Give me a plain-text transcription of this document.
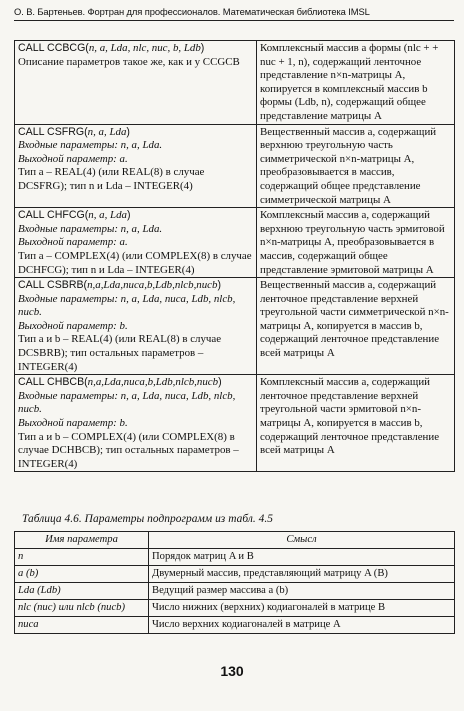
О. В. Бартеньев. Фортран для профессионалов. Математическая библиотека IMSL
CALL CCBCG(n, a, Lda, nlc, nuc, b, Ldb)
Описание параметров такое же, как и у CCGCB	Комплексный массив a формы (nlc + + nuc + 1, n), содержащий ленточное представление n×n-матрицы A, копируется в комплексный массив b формы (Ldb, n), содержащий общее представление матрицы A

CALL CSFRG(n, a, Lda)
Входные параметры: n, a, Lda.
Выходной параметр: a.
Тип a – REAL(4) (или REAL(8) в случае DCSFRG); тип n и Lda – INTEGER(4)	Вещественный массив a, содержащий верхнюю треугольную часть симметрической n×n-матрицы A, преобразовывается в массив, содержащий общее представление симметрической матрицы A

CALL CHFCG(n, a, Lda)
Входные параметры: n, a, Lda.
Выходной параметр: a.
Тип a – COMPLEX(4) (или COMPLEX(8) в случае DCHFCG); тип n и Lda – INTEGER(4)	Комплексный массив a, содержащий верхнюю треугольную часть эрмитовой n×n-матрицы A, преобразовывается в массив, содержащий общее представление эрмитовой матрицы A

CALL CSBRB(n,a,Lda,nuca,b,Ldb,nlcb,nucb)
Входные параметры: n, a, Lda, nuca, Ldb, nlcb, nucb.
Выходной параметр: b.
Тип a и b – REAL(4) (или REAL(8) в случае DCSBRB); тип остальных параметров – INTEGER(4)	Вещественный массив a, содержащий ленточное представление верхней треугольной части симметрической n×n-матрицы A, копируется в массив b, содержащий ленточное представление всей матрицы A

CALL CHBCB(n,a,Lda,nuca,b,Ldb,nlcb,nucb)
Входные параметры: n, a, Lda, nuca, Ldb, nlcb, nucb.
Выходной параметр: b.
Тип a и b – COMPLEX(4) (или COMPLEX(8) в случае DCHBCB); тип остальных параметров – INTEGER(4)	Комплексный массив a, содержащий ленточное представление верхней треугольной части эрмитовой n×n-матрицы A, копируется в массив b, содержащий ленточное представление всей матрицы A
Таблица 4.6. Параметры подпрограмм из табл. 4.5
Имя параметра	Смысл
n	Порядок матриц A и B
a (b)	Двумерный массив, представляющий матрицу A (B)
Lda (Ldb)	Ведущий размер массива a (b)
nlc (nuc) или nlcb (nucb)	Число нижних (верхних) кодиагоналей в матрице B
nuca	Число верхних кодиагоналей в матрице A
130
